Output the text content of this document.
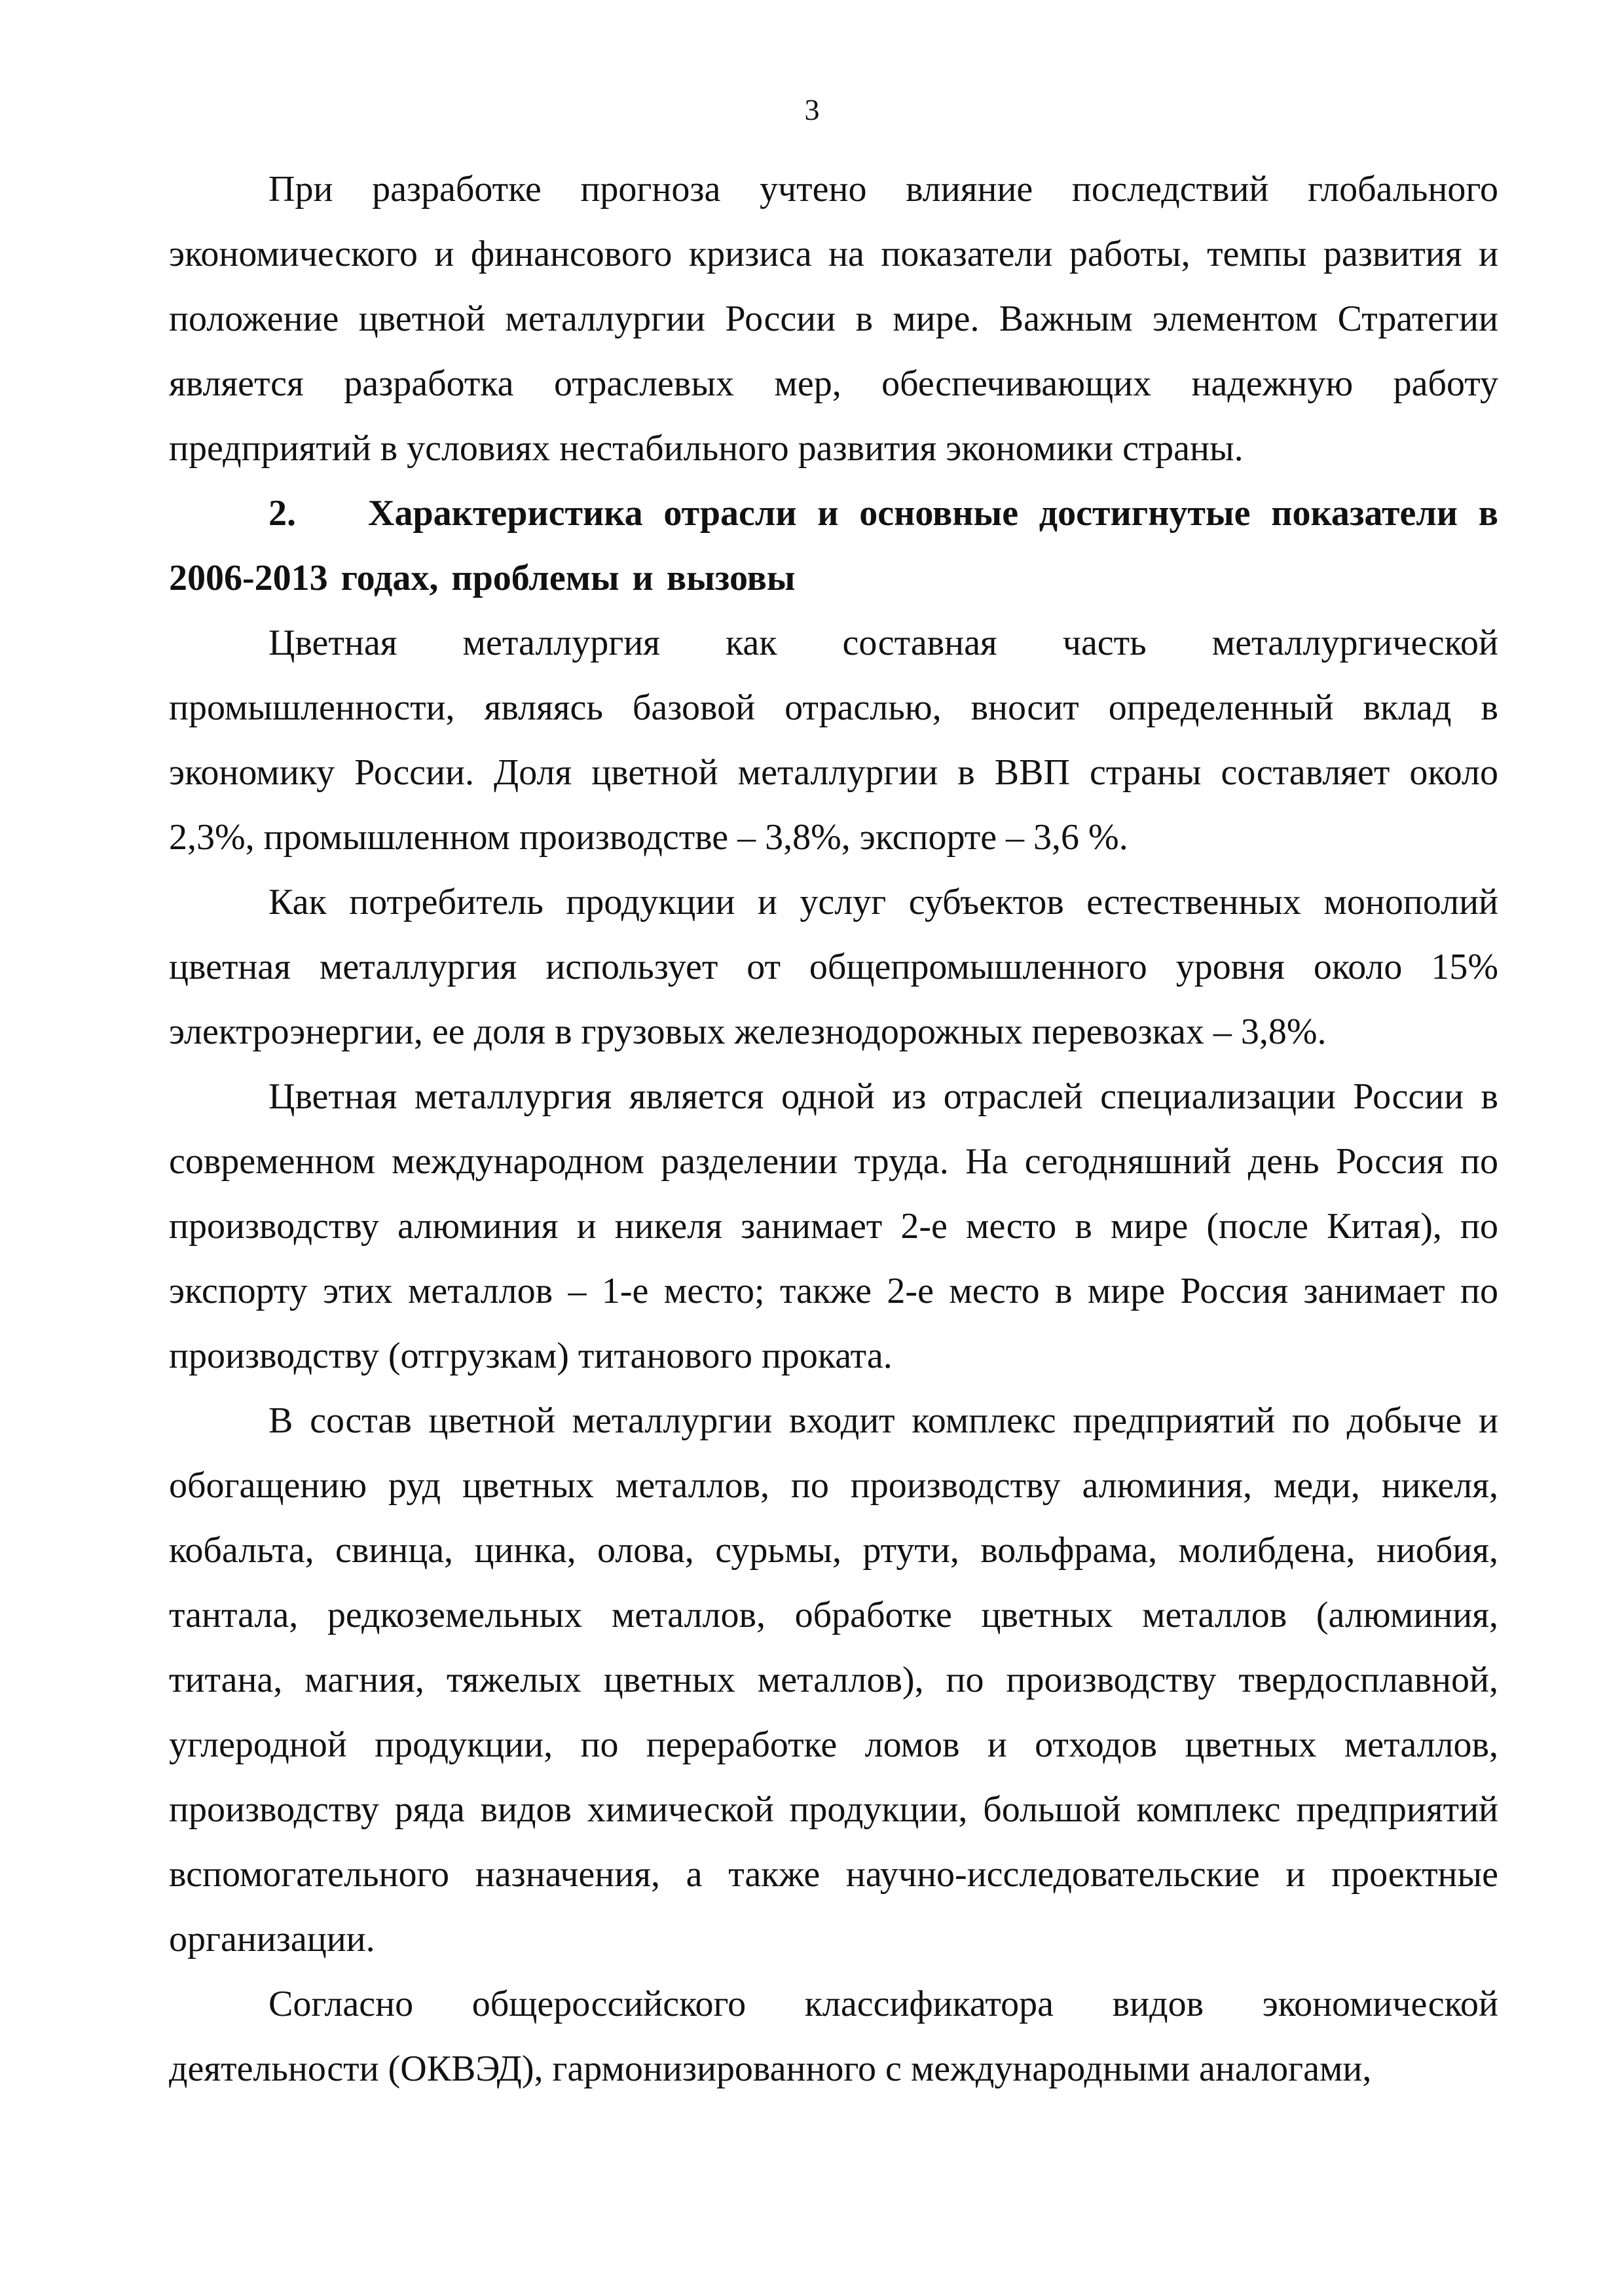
3

При разработке прогноза учтено влияние последствий глобального экономического и финансового кризиса на показатели работы, темпы развития и положение цветной металлургии России в мире. Важным элементом Стратегии является разработка отраслевых мер, обеспечивающих надежную работу предприятий в условиях нестабильного развития экономики страны.

2. Характеристика отрасли и основные достигнутые показатели в 2006-2013 годах, проблемы и вызовы

Цветная металлургия как составная часть металлургической промышленности, являясь базовой отраслью, вносит определенный вклад в экономику России. Доля цветной металлургии в ВВП страны составляет около 2,3%, промышленном производстве – 3,8%, экспорте – 3,6 %.

Как потребитель продукции и услуг субъектов естественных монополий цветная металлургия использует от общепромышленного уровня около 15% электроэнергии, ее доля в грузовых железнодорожных перевозках – 3,8%.

Цветная металлургия является одной из отраслей специализации России в современном международном разделении труда. На сегодняшний день Россия по производству алюминия и никеля занимает 2-е место в мире (после Китая), по экспорту этих металлов – 1-е место; также 2-е место в мире Россия занимает по производству (отгрузкам) титанового проката.

В состав цветной металлургии входит комплекс предприятий по добыче и обогащению руд цветных металлов, по производству алюминия, меди, никеля, кобальта, свинца, цинка, олова, сурьмы, ртути, вольфрама, молибдена, ниобия, тантала, редкоземельных металлов, обработке цветных металлов (алюминия, титана, магния, тяжелых цветных металлов), по производству твердосплавной, углеродной продукции, по переработке ломов и отходов цветных металлов, производству ряда видов химической продукции, большой комплекс предприятий вспомогательного назначения, а также научно-исследовательские и проектные организации.

Согласно общероссийского классификатора видов экономической деятельности (ОКВЭД), гармонизированного с международными аналогами,
